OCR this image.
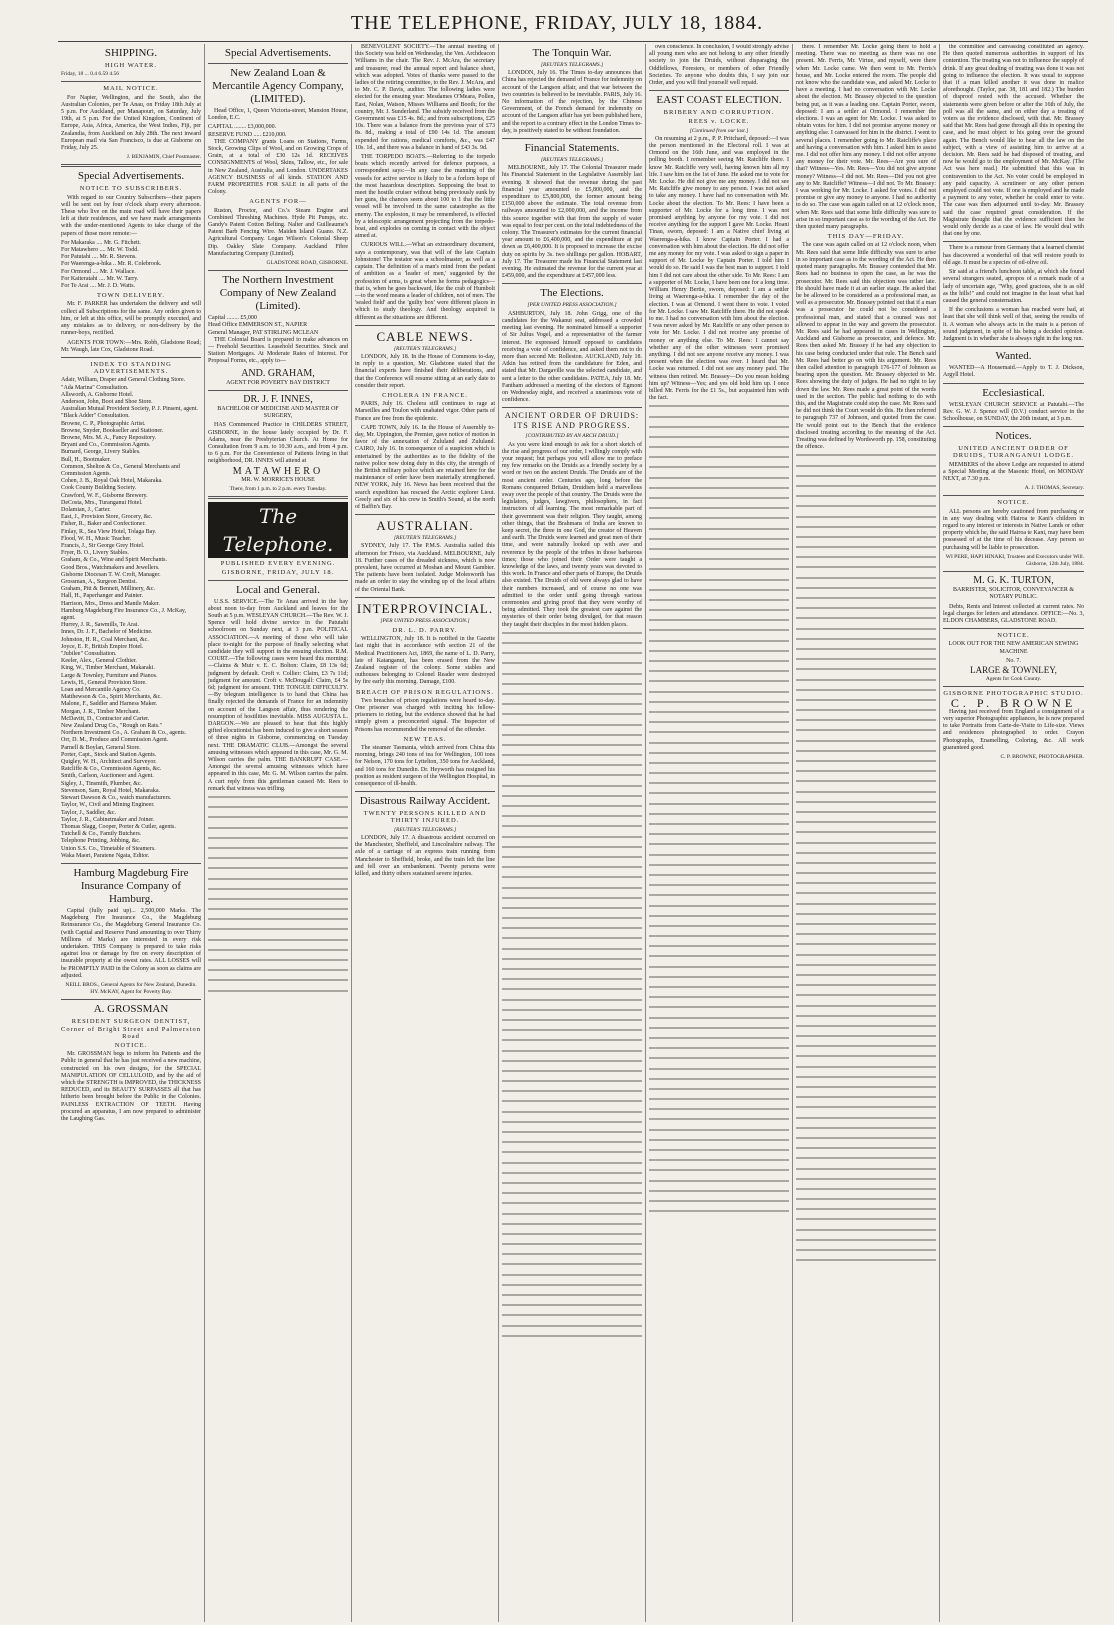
THE TELEPHONE, FRIDAY, JULY 18, 1884.
SHIPPING.
HIGH WATER.
Friday, 18 ... 0.4 6.59 4.56
MAIL NOTICE.
For Napier, Wellington, and the South, also the Australian Colonies, per Te Anau, on Friday 18th July at 5 p.m. For Auckland, per Manapouri, on Saturday, July 19th, at 5 p.m. For the United Kingdom, Continent of Europe, Asia, Africa, America, the West Indies, Fiji, per Zealandia, from Auckland on July 28th. The next inward European mail via San Francisco, is due at Gisborne on Friday, July 25.
J. BENJAMIN, Chief Postmaster.
Special Advertisements.
NOTICE TO SUBSCRIBERS.
With regard to our Country Subscribers—their papers will be sent out by four o'clock sharp every afternoon. These who live on the main road will have their papers left at their residences, and we have made arrangements with the under-mentioned Agents to take charge of the papers of those more remote:—
For Makaraka .... Mr. G. Fitchett.
For Matawhero .... Mr. W. Todd.
For Patutahi .... Mr. R. Stevens.
For Waerenga-a-hika .. Mr. R. Colebrook.
For Ormond .... Mr. J. Wallace.
For Kaiteratahi .... Mr. W. Tarry.
For Te Arai .... Mr. J. D. Watts.
TOWN DELIVERY.
Mr. F. PARKER has undertaken the delivery and will collect all Subscriptions for the same. Any orders given to him, or left at this office, will be promptly executed, and any mistakes as to delivery, or non-delivery by the runner-boys, rectified.
AGENTS FOR TOWN:—Mrs. Robb, Gladstone Road; Mr. Waugh, late Cox, Gladstone Road.
INDEX TO STANDING ADVERTISEMENTS.
Adair, William, Draper and General Clothing Store.
"Ada Marina" Consultation.
Allsworth, A. Gisborne Hotel.
Anderson, John, Boot and Shoe Store.
Australian Mutual Provident Society, P. J. Pinsent, agent.
"Black Adder" Consultation.
Browne, C. P., Photographic Artist.
Browne, Snyder, Bookseller and Stationer.
Browne, Mrs. M. A., Fancy Repository.
Bryant and Co., Commission Agents.
Burnard, George, Livery Stables.
Bull, H., Bootmaker.
Common, Shelton & Co., General Merchants and Commission Agents.
Cohen, J. B., Royal Oak Hotel, Makaraka.
Cook County Building Society.
Crawford, W. F., Gisborne Brewery.
DeCosta, Mrs., Turanganui Hotel.
Dolamian, J., Carter.
East, J., Provision Store, Grocery, &c.
Fisher, R., Baker and Confectioner.
Finlay, R., Sea View Hotel, Tolaga Bay.
Flood, W. H., Music Teacher.
Francis, J., Sir George Grey Hotel.
Fryer, B. O., Livery Stables.
Graham, & Co., Wine and Spirit Merchants.
Good Bros., Watchmakers and Jewellers.
Gisborne Diocesan T. W. Croft, Manager.
Grossman, A., Surgeon Dentist.
Graham, Pitt & Bennett, Millinery, &c.
Hall, H., Paperhanger and Painter.
Harrison, Mrs., Dress and Mantle Maker.
Hamburg Magdeburg Fire Insurance Co., J. McKay, agent.
Hurrey, J. R., Sawmills, Te Arai.
Innes, Dr. J. F., Bachelor of Medicine.
Johnston, H. R., Coal Merchant, &c.
Joyce, E. P., British Empire Hotel.
"Jubilee" Consultation.
Keeler, Alex., General Clothier.
King, W., Timber Merchant, Makaraki.
Large & Townley, Furniture and Pianos.
Lewis, H., General Provision Store.
Loan and Mercantile Agency Co.
Matthewson & Co., Spirit Merchants, &c.
Malone, F., Saddler and Harness Maker.
Morgan, J. R., Timber Merchant.
McDavitt, D., Contractor and Carter.
New Zealand Drug Co., "Rough on Rats."
Northern Investment Co., A. Graham & Co., agents.
Orr, D. M., Produce and Commission Agent.
Parnell & Boylan, General Store.
Porter, Capt., Stock and Station Agents.
Quigley, W. H., Architect and Surveyor.
Ratcliffe & Co., Commission Agents, &c.
Smith, Carlson, Auctioneer and Agent.
Sigley, J., Tinsmith, Plumber, &c.
Stevenson, Sam, Royal Hotel, Makaraka.
Stewart Dawson & Co., watch manufacturers.
Taylor, W., Civil and Mining Engineer.
Taylor, J., Saddler, &c.
Taylor, J. R., Cabinetmaker and Joiner.
Thomas Slagg, Cooper, Porter & Cutler, agents.
Tutchell & Co., Family Butchers.
Telephone Printing, Jobbing, &c.
Union S.S. Co., Timetable of Steamers.
Waka Maori, Paratene Ngata, Editor.
Hamburg Magdeburg Fire Insurance Company of Hamburg.
Capital (fully paid up)... 2,500,000 Marks. The Magdeburg Fire Insurance Co., the Magdeburg Reinsurance Co., the Magdeburg General Insurance Co. (with Capital and Reserve Fund amounting to over Thirty Millions of Marks) are interested in every risk undertaken. THIS Company is prepared to take risks against loss or damage by fire on every description of insurable property at the owest rates. ALL LOSSES will be PROMPTLY PAID in the Colony as soon as claims are adjusted.
NEILL BROS., General Agents for New Zealand, Dunedin. HY. McKAY, Agent for Poverty Bay.
A. GROSSMAN
RESIDENT SURGEON DENTIST, Corner of Bright Street and Palmerston Road
NOTICE.
Mr. GROSSMAN begs to inform his Patients and the Public in general that he has just received a new machine, constructed on his own designs, for the SPECIAL MANIPULATION OF CELLULOID, and by the aid of which the STRENGTH is IMPROVED, the THICKNESS REDUCED, and its BEAUTY SURPASSES all that has hitherto been brought before the Public in the Colonies. PAINLESS EXTRACTION OF TEETH. Having procured an apparatus, I am now prepared to administer the Laughing Gas.
Special Advertisements.
New Zealand Loan & Mercantile Agency Company, (LIMITED).
Head Office, 1, Queen Victoria-street, Mansion House, London, E.C.
CAPITAL ........ £3,000,000.
RESERVE FUND ..... £210,000.
THE COMPANY grants Loans on Stations, Farms, Stock, Growing Clips of Wool, and on Growing Crops of Grain, at a total of £30 12s 1d. RECEIVES CONSIGNMENTS of Wool, Skins, Tallow, etc., for sale in New Zealand, Australia, and London. UNDERTAKES AGENCY BUSINESS of all kinds. STATION AND FARM PROPERTIES FOR SALE in all parts of the Colony.
AGENTS FOR—
Ruston, Proctor, and Co.'s Steam Engine and Combined Threshing Machines. Hyde Pit Pumps, etc. Gandy's Patent Cotton Belting. Nalter and Guilleaume's Patent Barb Fencing Wire. Maiden Island Guano. N.Z. Agricultural Company. Logan Wilson's Colonial Sheep Dip. Oakley Slate Company. Auckland Fibre Manufacturing Company (Limited).
GLADSTONE ROAD, GISBORNE.
The Northern Investment Company of New Zealand (Limited).
Capital ........ £5,000
Head Office EMMERSON ST., NAPIER
General Manager, PAT STIRLING MCLEAN
THE Colonial Board is prepared to make advances on— Freehold Securities. Leasehold Securities. Stock and Station Mortgages. At Moderate Rates of Interest. For Proposal Forms, etc., apply to—
AND. GRAHAM,
AGENT FOR POVERTY BAY DISTRICT
DR. J. F. INNES,
BACHELOR OF MEDICINE AND MASTER OF SURGERY,
HAS Commenced Practice in CHILDERS STREET, GISBORNE, in the house lately occupied by Dr. F. Adams, near the Presbyterian Church. At Home for Consultation from 9 a.m. to 10.30 a.m., and from 4 p.m. to 6 p.m. For the Convenience of Patients living in that neighborhood, DR. INNES will attend at
MATAWHERO
MR. W. MORRICE'S HOUSE
There, from 1 p.m. to 2 p.m. every Tuesday.
The Telephone.
PUBLISHED EVERY EVENING.
GISBORNE, FRIDAY, JULY 18.
Local and General.
U.S.S. SERVICE.—The Te Anau arrived in the bay about noon to-day from Auckland and leaves for the South at 5 p.m. WESLEYAN CHURCH.—The Rev. W. J. Spence will hold divine service in the Patutahi schoolroom on Sunday next, at 3 p.m. POLITICAL ASSOCIATION.—A meeting of those who will take place to-night for the purpose of finally selecting what candidate they will support in the ensuing election. R.M. COURT.—The following cases were heard this morning:—Claims & Muir v. E. C. Bolton: Claim, £8 13s 6d; judgment by default. Croft v. Collier: Claim, £3 7s 11d; judgment for amount. Croft v. McDougall: Claim, £4 5s 6d; judgment for amount. THE TONGUE DIFFICULTY.—By telegram intelligence is to hand that China has finally rejected the demands of France for an indemnity on account of the Langson affair, thus rendering the resumption of hostilities inevitable. MISS AUGUSTA L. DARGON.—We are pleased to hear that this highly gifted elocutionist has been induced to give a short season of three nights in Gisborne, commencing on Tuesday next. THE DRAMATIC CLUB.—Amongst the several amusing witnesses which appeared in this case, Mr. G. M. Wilson carries the palm. THE BANKRUPT CASE.—Amongst the several amusing witnesses which have appeared in this case, Mr. G. M. Wilson carries the palm. A curt reply from this gentleman caused Mr. Rees to remark that witness was trifling.
BENEVOLENT SOCIETY.—The annual meeting of this Society was held on Wednesday, the Ven. Archdeacon Williams in the chair. The Rev. J. McAra, the secretary and treasurer, read the annual report and balance sheet, which was adopted. Votes of thanks were passed to the ladies of the retiring committee, to the Rev. J. McAra, and to Mr. C. P. Davis, auditor. The following ladies were elected for the ensuing year: Mesdames O'Meara, Pollen, East, Nolan, Watson, Misses Williams and Booth; for the country, Mr. J. Sunderland. The subsidy received from the Government was £15 4s. 8d.; and from subscriptions, £25 10s. There was a balance from the previous year of £73 8s. 8d., making a total of £90 14s 1d. The amount expended for rations, medical comforts, &c., was £47 10s. 1d., and there was a balance in hand of £43 3s. 9d.
THE TORPEDO BOATS.—Referring to the torpedo boats which recently arrived for defence purposes, a correspondent says:—In any case the manning of the vessels for active service is likely to be a forlorn hope of the most hazardous description. Supposing the boat to meet the hostile cruiser without being previously sunk by her guns, the chances seem about 100 to 1 that the little vessel will be involved in the same catastrophe as the enemy. The explosion, it may be remembered, is effected by a telescopic arrangement projecting from the torpedo-boat, and explodes on coming in contact with the object aimed at.
CURIOUS WILL.—What an extraordinary document, says a contemporary, was that will of the late Captain Johnstone! The testator was a schoolmaster, as well as a captain. The definition of a man's mind from the pedant of ambition as a 'leader of men,' suggested by the profession of arms, is great when he forms pedagogics—that is, when he goes backward, like the crab of Humbolt—to the word means a leader of children, not of men. The 'sealed field' and the 'guilty box' were different places in which to study theology. And theology acquired is different as the situations are different.
CABLE NEWS.
[REUTER'S TELEGRAMS.]
LONDON, July 18. In the House of Commons to-day, in reply to a question, Mr. Gladstone stated that the financial experts have finished their deliberations, and that the Conference will resume sitting at an early date to consider their report.
CHOLERA IN FRANCE.
PARIS, July 16. Cholera still continues to rage at Marseilles and Toulon with unabated vigor. Other parts of France are free from the epidemic.
CAPE TOWN, July 16. In the House of Assembly to-day, Mr. Uppington, the Premier, gave notice of motion in favor of the annexation of Zululand and Zululand. CAIRO, July 16. In consequence of a suspicion which is entertained by the authorities as to the fidelity of the native police now doing duty in this city, the strength of the British military police which are retained here for the maintenance of order have been materially strengthened. NEW YORK, July 16. News has been received that the search expedition has rescued the Arctic explorer Lieut. Greely and six of his crew in Smith's Sound, at the north of Baffin's Bay.
AUSTRALIAN.
[REUTER'S TELEGRAMS.]
SYDNEY, July 17. The P.M.S. Australia sailed this afternoon for Frisco, via Auckland. MELBOURNE, July 18. Further cases of the dreaded sickness, which is now prevalent, have occurred at Moshan and Mount Gambier. The patients have been isolated. Judge Molesworth has made an order to stay the winding up of the local affairs of the Oriental Bank.
INTERPROVINCIAL.
[PER UNITED PRESS ASSOCIATION.]
DR. L. D. PARRY.
WELLINGTON, July 18. It is notified in the Gazette last night that in accordance with section 21 of the Medical Practitioners Act, 1869, the name of L. D. Parry, late of Katanganui, has been erased from the New Zealand register of the colony. Some stables and outhouses belonging to Colonel Reader were destroyed by fire early this morning. Damage, £100.
BREACH OF PRISON REGULATIONS.
Two breaches of prison regulations were heard to-day. One prisoner was charged with inciting his fellow-prisoners to rioting, but the evidence showed that he had simply given a preconcerted signal. The Inspector of Prisons has recommended the removal of the offender.
NEW TEAS.
The steamer Tasmania, which arrived from China this morning, brings 240 tons of tea for Wellington, 100 tons for Nelson, 170 tons for Lyttelton, 350 tons for Auckland, and 160 tons for Dunedin. Dr. Heyworth has resigned his position as resident surgeon of the Wellington Hospital, in consequence of ill-health.
Disastrous Railway Accident.
TWENTY PERSONS KILLED AND THIRTY INJURED.
[REUTER'S TELEGRAMS.]
LONDON, July 17. A disastrous accident occurred on the Manchester, Sheffield, and Lincolnshire railway. The axle of a carriage of an express train running from Manchester to Sheffield, broke, and the train left the line and fell over an embankment. Twenty persons were killed, and thirty others sustained severe injuries.
The Tonquin War.
[REUTER'S TELEGRAMS.]
LONDON, July 16. The Times to-day announces that China has rejected the demand of France for indemnity on account of the Langson affair, and that war between the two countries is believed to be inevitable. PARIS, July 16. No information of the rejection, by the Chinese Government, of the French demand for indemnity on account of the Langson affair has yet been published here, and the report to a contrary effect in the London Times to-day, is positively stated to be without foundation.
Financial Statements.
[REUTER'S TELEGRAMS.]
MELBOURNE, July 17. The Colonial Treasurer made his Financial Statement in the Legislative Assembly last evening. It showed that the revenue during the past financial year amounted to £5,800,000, and the expenditure to £5,800,000, the former amount being £150,000 above the estimate. The total revenue from railways amounted to £2,000,000, and the income from this source together with that from the supply of water was equal to four per cent. on the total indebtedness of the colony. The Treasurer's estimates for the current financial year amount to £6,400,000, and the expenditure at put down as £6,400,000. It is proposed to increase the excise duty on spirits by 3s. two shillings per gallon. HOBART, July 17. The Treasurer made his Financial Statement last evening. He estimated the revenue for the current year at £459,000, and the expenditure at £457,000 less.
The Elections.
[PER UNITED PRESS ASSOCIATION.]
ASHBURTON, July 18. John Grigg, one of the candidates for the Wakanui seat, addressed a crowded meeting last evening. He nominated himself a supporter of Sir Julius Vogel, and a representative of the farmer interest. He expressed himself opposed to candidates receiving a vote of confidence, and asked them not to do more than second Mr. Rolleston. AUCKLAND, July 18. Atkin has retired from the candidature for Eden, and stated that Mr. Dargaville was the selected candidate, and sent a letter to the other candidates. PATEA, July 18. Mr. Fantham addressed a meeting of the electors of Egmont on Wednesday night, and received a unanimous vote of confidence.
ANCIENT ORDER OF DRUIDS: ITS RISE AND PROGRESS.
[CONTRIBUTED BY AN ARCH DRUID.]
As you were kind enough to ask for a short sketch of the rise and progress of our order, I willingly comply with your request; but perhaps you will allow me to preface my few remarks on the Druids as a friendly society by a word or two on the ancient Druids. The Druids are of the most ancient order. Centuries ago, long before the Romans conquered Britain, Druidism held a marvellous sway over the people of that country. The Druids were the legislators, judges, lawgivers, philosophers, in fact instructors of all learning. The most remarkable part of their government was their religion. They taught, among other things, that the Brahmans of India are known to keep secret, the three in one God, the creator of Heaven and earth. The Druids were learned and great men of their time, and were naturally looked up with awe and reverence by the people of the tribes in those barbarous times; those who joined their Order were taught a knowledge of the laws, and twenty years was devoted to this work. In France and other parts of Europe, the Druids also existed. The Druids of old were always glad to have their numbers increased, and of course no one was admitted to the order until going through various ceremonies and giving proof that they were worthy of being admitted. They took the greatest care against the mysteries of their order being divulged, for that reason they taught their disciples in the most hidden places.
own conscience. In conclusion, I would strongly advise all young men who are not belong to any other friendly society to join the Druids, without disparaging the Oddfellows, Foresters, or members of other Friendly Societies. To anyone who doubts this, I say join our Order, and you will find yourself well repaid.
EAST COAST ELECTION.
BRIBERY AND CORRUPTION.
REES v. LOCKE.
[Continued from our last.]
On resuming at 2 p.m., P. P. Pritchard, deposed:—I was the person mentioned in the Electoral roll. I was at Ormond on the 16th June, and was employed in the polling booth. I remember seeing Mr. Ratcliffe there. I know Mr. Ratcliffe very well, having known him all my life. I saw him on the 1st of June. He asked me to vote for Mr. Locke. He did not give me any money. I did not see Mr. Ratcliffe give money to any person. I was not asked to take any money. I have had no conversation with Mr. Locke about the election. To Mr. Rees: I have been a supporter of Mr. Locke for a long time. I was not promised anything by anyone for my vote. I did not receive anything for the support I gave Mr. Locke. Hoani Tinau, sworn, deposed: I am a Native chief living at Waerenga-a-hika. I know Captain Porter. I had a conversation with him about the election. He did not offer me any money for my vote. I was asked to sign a paper in support of Mr. Locke by Captain Porter. I told him I would do so. He said I was the best man to support. I told him I did not care about the other side. To Mr. Rees: I am a supporter of Mr. Locke, I have been one for a long time. William Henry Bertie, sworn, deposed: I am a settler living at Waerenga-a-hika. I remember the day of the election. I was at Ormond. I went there to vote. I voted for Mr. Locke. I saw Mr. Ratcliffe there. He did not speak to me. I had no conversation with him about the election. I was never asked by Mr. Ratcliffe or any other person to vote for Mr. Locke. I did not receive any promise of money or anything else. To Mr. Rees: I cannot say whether any of the other witnesses were promised anything. I did not see anyone receive any money. I was present when the election was over. I heard that Mr. Locke was returned. I did not see any money paid. The witness then retired. Mr. Brassey—Do you mean holding him up? Witness—Yes; and yes old hold him up. I once billed Mr. Ferris for the £1 5s., but acquainted him with the fact.
there. I remember Mr. Locke going there to hold a meeting. There was no meeting as there was no one present. Mr. Ferris, Mr. Virtue, and myself, were there when Mr. Locke came. We then went to Mr. Ferris's house, and Mr. Locke entered the room. The people did not know who the candidate was, and asked Mr. Locke to have a meeting. I had no conversation with Mr. Locke about the election. Mr. Brassey objected to the question being put, as it was a leading one. Captain Porter, sworn, deposed: I am a settler at Ormond. I remember the elections. I was an agent for Mr. Locke. I was asked to obtain votes for him. I did not promise anyone money or anything else. I canvassed for him in the district. I went to several places. I remember going to Mr. Ratcliffe's place and having a conversation with him. I asked him to assist me. I did not offer him any money. I did not offer anyone any money for their vote. Mr. Rees—Are you sure of that? Witness—Yes. Mr. Rees—You did not give anyone money? Witness—I did not. Mr. Rees—Did you not give any to Mr. Ratcliffe? Witness—I did not. To Mr. Brassey: I was working for Mr. Locke. I asked for votes. I did not promise or give any money to anyone. I had no authority to do so. The case was again called on at 12 o'clock noon, when Mr. Rees said that some little difficulty was sure to arise in so important case as to the wording of the Act. He then quoted many paragraphs.
THIS DAY—FRIDAY.
The case was again called on at 12 o'clock noon, when Mr. Rees said that some little difficulty was sure to arise in so important case as to the wording of the Act. He then quoted many paragraphs. Mr. Brassey contended that Mr. Rees had no business to open the case, as he was the prosecutor. Mr. Rees said this objection was rather late. He should have made it at an earlier stage. He asked that he be allowed to be considered as a professional man, as well as a prosecutor. Mr. Brassey pointed out that if a man was a prosecutor he could not be considered a professional man, and stated that a counsel was not allowed to appear in the way and govern the prosecutor. Mr. Rees said he had appeared in cases in Wellington, Auckland and Gisborne as prosecutor, and defence. Mr. Rees then asked Mr. Brassey if he had any objection to his case being conducted under that rule. The Bench said Mr. Rees had better go on with his argument. Mr. Rees then called attention to paragraph 176-177 of Johnson as bearing upon the question. Mr. Brassey objected to Mr. Rees showing the duty of judges. He had no right to lay down the law. Mr. Rees made a great point of the words used in the section. The public had nothing to do with this, and the Magistrate could stop the case. Mr. Rees said he did not think the Court would do this. He then referred to paragraph 737 of Johnson, and quoted from the case. He would point out to the Bench that the evidence disclosed treating according to the meaning of the Act. Treating was defined by Wordsworth pp. 158, constituting the offence.
the committee and canvassing constituted an agency. He then quoted numerous authorities in support of his contention. The treating was not to influence the supply of drink. If any great dealing of treating was done it was not going to influence the election. It was usual to suppose that if a man killed another it was done in malice aforethought. (Taylor, par. 38, 181 and 182.) The burden of disproof rested with the accused. Whether the statements were given before or after the 16th of July, the poll was all the same, and on either day a treating of voters as the evidence disclosed, with that. Mr. Brassey said that Mr. Rees had gone through all this in opening the case, and he must object to his going over the ground again. The Bench would like to hear all the law on the subject, with a view of assisting him to arrive at a decision. Mr. Rees said he had disposed of treating, and now he would go to the employment of Mr. McKay. (The Act was here read.) He submitted that this was in contravention to the Act. No voter could be employed in any paid capacity. A scrutineer or any other person employed could not vote. If one is employed and he made a payment to any voter, whether he could enter to vote. The case was then adjourned until to-day. Mr. Brassey said the case required great consideration. If the Magistrate thought that the evidence sufficient then he would only decide as a case of law. He would deal with that one by one.
There is a rumour from Germany that a learned chemist has discovered a wonderful oil that will restore youth to old age. It must be a species of oil-olive oil.
Sir said at a friend's luncheon table, at which she found several strangers seated, apropos of a remark made of a lady of uncertain age, "Why, good gracious, she is as old as the hills!" and could not imagine in the least what had caused the general consternation.
If the conclusions a woman has reached were bad, at least that she will think well of that, seeing the results of it. A woman who always acts in the main is a person of sound judgment, in spite of his being a decided opinion. Judgment is in whether she is always right in the long run.
Wanted.
WANTED—A Housemaid.—Apply to T. J. Dickson, Argyll Hotel.
Ecclesiastical.
WESLEYAN CHURCH SERVICE at Patutahi.—The Rev. G. W. J. Spence will (D.V.) conduct service in the Schoolhouse, on SUNDAY, the 20th instant, at 3 p.m.
Notices.
UNITED ANCIENT ORDER OF DRUIDS, TURANGANUI LODGE.
MEMBERS of the above Lodge are requested to attend a Special Meeting at the Masonic Hotel, on MONDAY NEXT, at 7.30 p.m.
A. J. THOMAS, Secretary.
NOTICE.
ALL persons are hereby cautioned from purchasing or in any way dealing with Hairoa te Kani's children in regard to any interest or interests in Native Lands or other property which he, the said Hairoa te Kani, may have been possessed of at the time of his decease. Any person so purchasing will be liable to prosecution.
WI PERE, HAPI HINAKI, Trustees and Executors under Will. Gisborne, 12th July, 1884.
M. G. K. TURTON,
BARRISTER, SOLICITOR, CONVEYANCER & NOTARY PUBLIC.
Debts, Rents and Interest collected at current rates. No legal charges for letters and attendance. OFFICE:—No. 3, ELDON CHAMBERS, GLADSTONE ROAD.
NOTICE.
LOOK OUT FOR THE NEW AMERICAN SEWING MACHINE
No. 7.
LARGE & TOWNLEY,
Agents for Cook County.
GISBORNE PHOTOGRAPHIC STUDIO.
C. P. BROWNE
Having just received from England a consignment of a very superior Photographic appliances, he is now prepared to take Portraits from Carte-de-Visite to Life-size. Views and residences photographed to order. Crayon Photographs, Enamelling, Coloring, &c. All work guaranteed good.
C. P. BROWNE, PHOTOGRAPHER.
